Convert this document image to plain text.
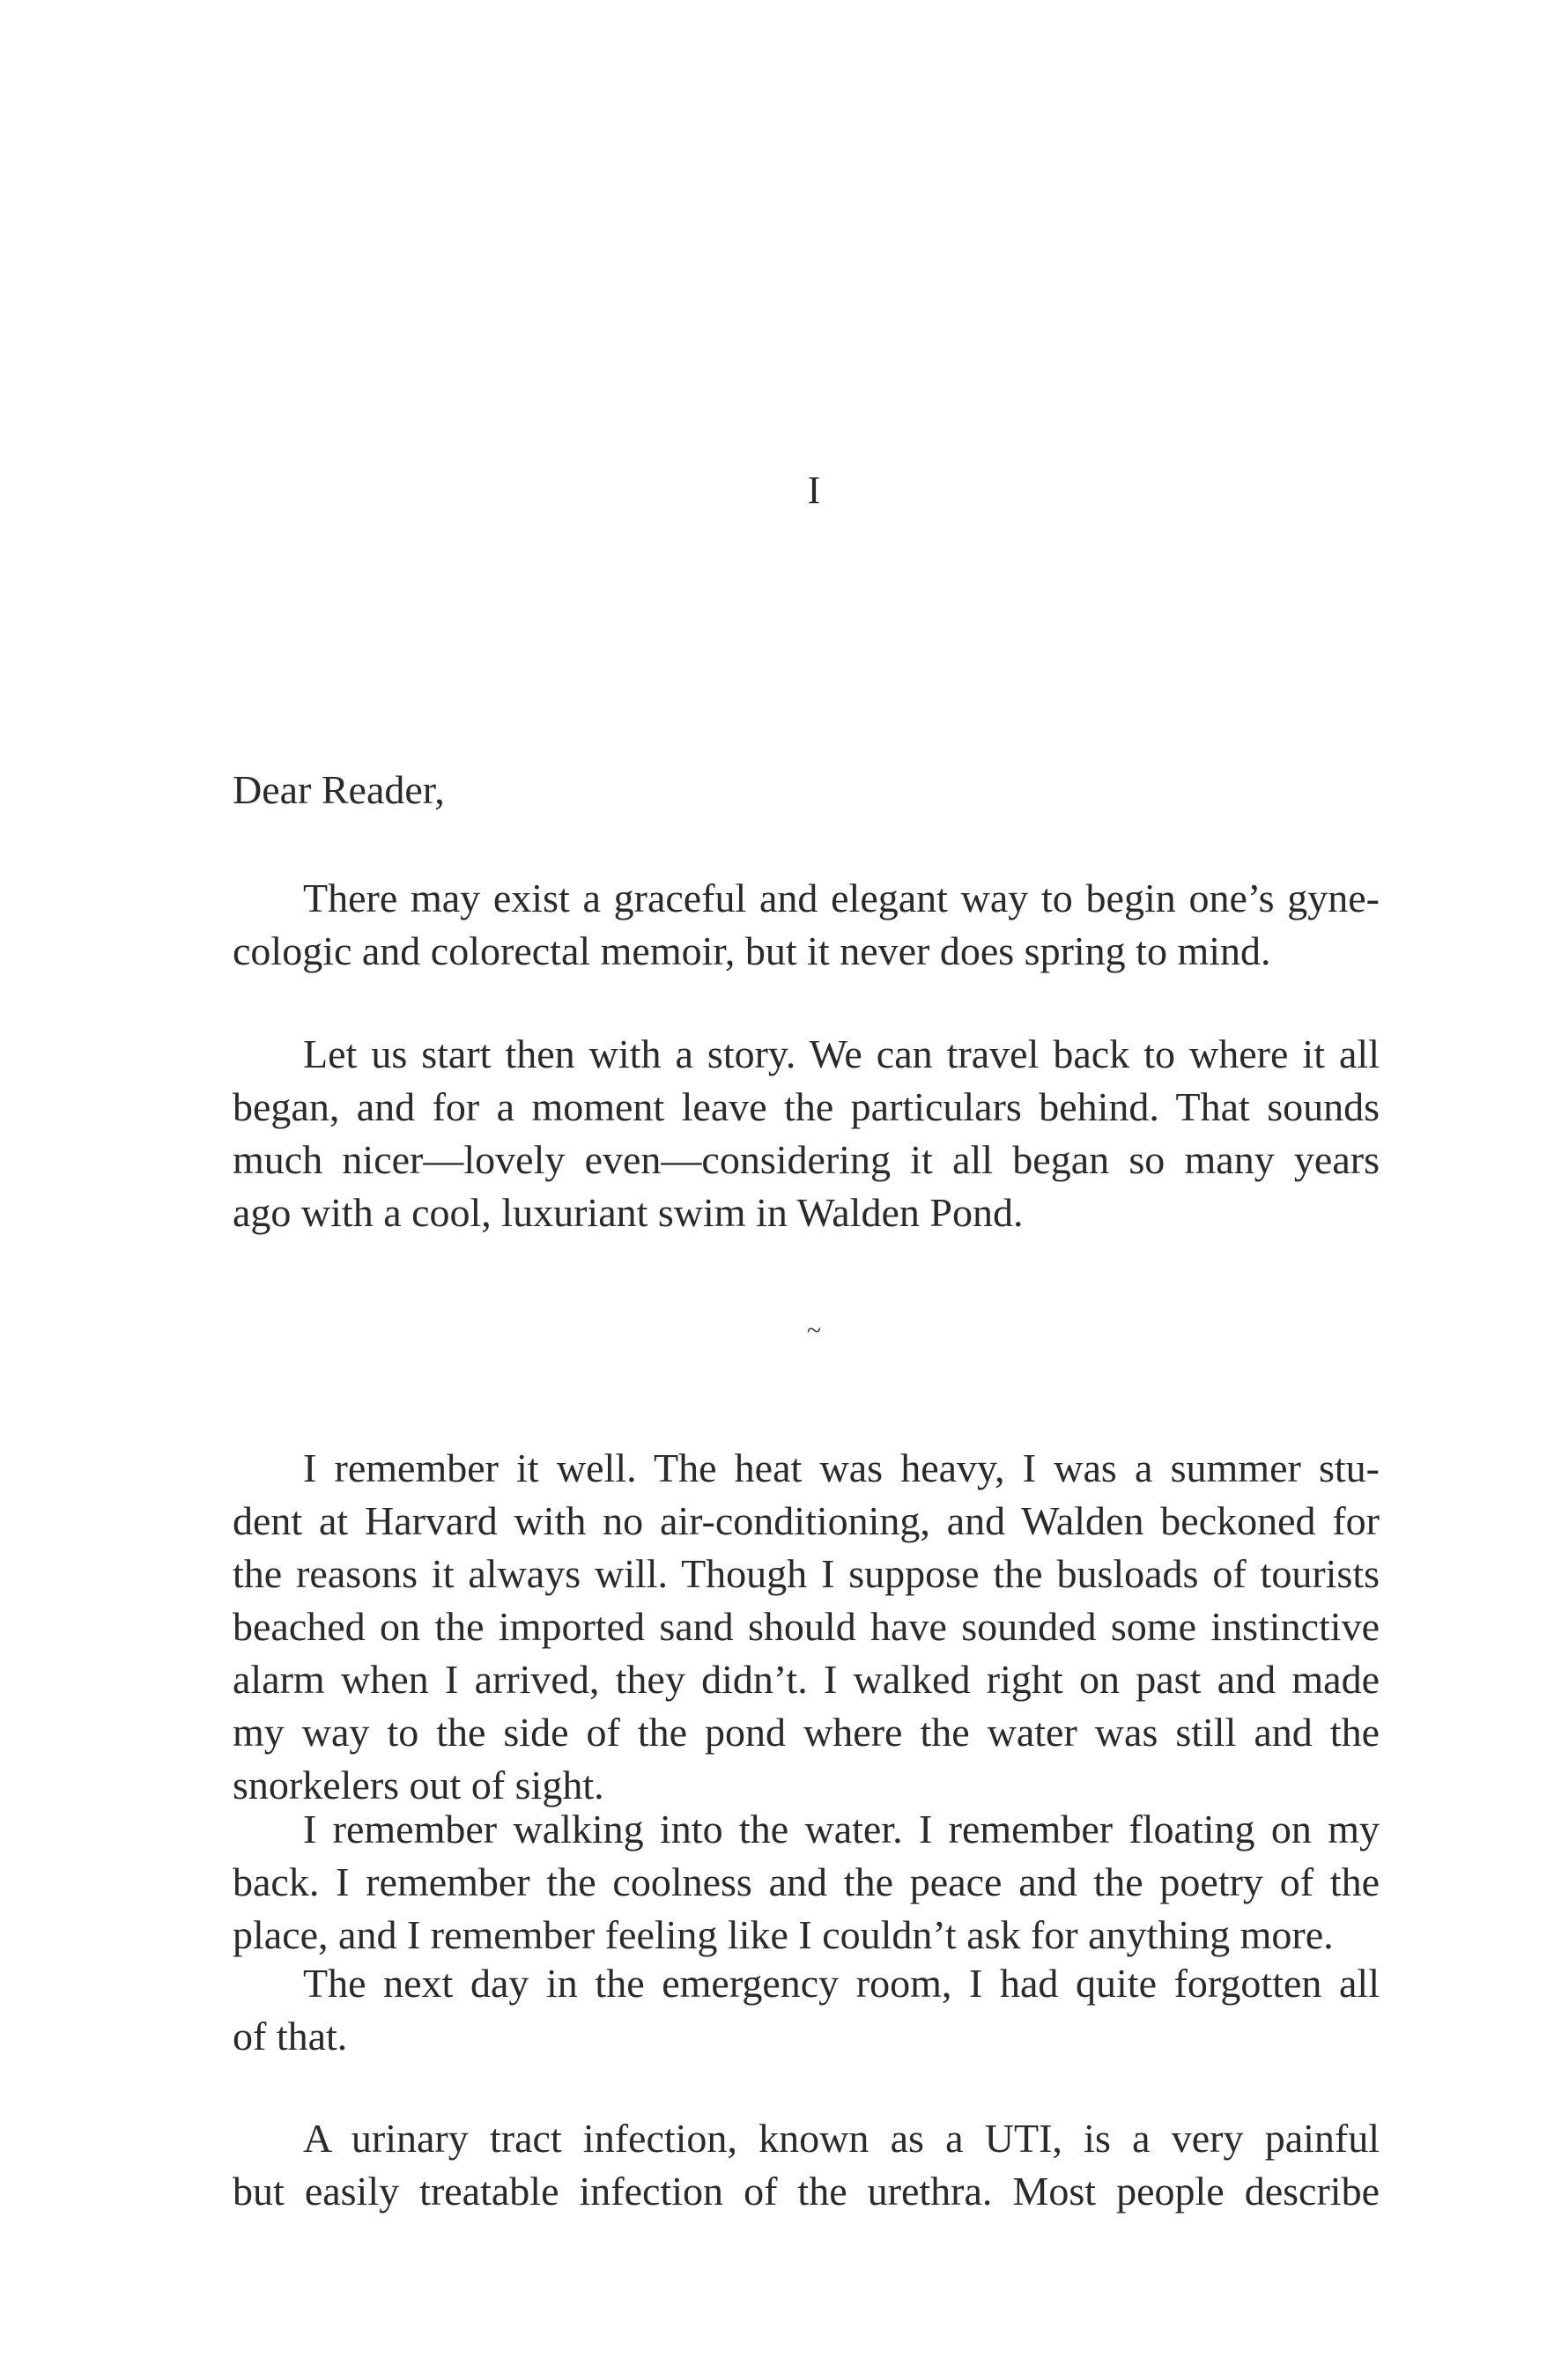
I
Dear Reader,
There may exist a graceful and elegant way to begin one’s gyne-
cologic and colorectal memoir, but it never does spring to mind.
Let us start then with a story. We can travel back to where it all
began, and for a moment leave the particulars behind. That sounds
much nicer—lovely even—considering it all began so many years
ago with a cool, luxuriant swim in Walden Pond.
~
I remember it well. The heat was heavy, I was a summer stu-
dent at Harvard with no air-conditioning, and Walden beckoned for
the reasons it always will. Though I suppose the busloads of tourists
beached on the imported sand should have sounded some instinctive
alarm when I arrived, they didn’t. I walked right on past and made
my way to the side of the pond where the water was still and the
snorkelers out of sight.
I remember walking into the water. I remember floating on my
back. I remember the coolness and the peace and the poetry of the
place, and I remember feeling like I couldn’t ask for anything more.
The next day in the emergency room, I had quite forgotten all
of that.
A urinary tract infection, known as a UTI, is a very painful
but easily treatable infection of the urethra. Most people describe
